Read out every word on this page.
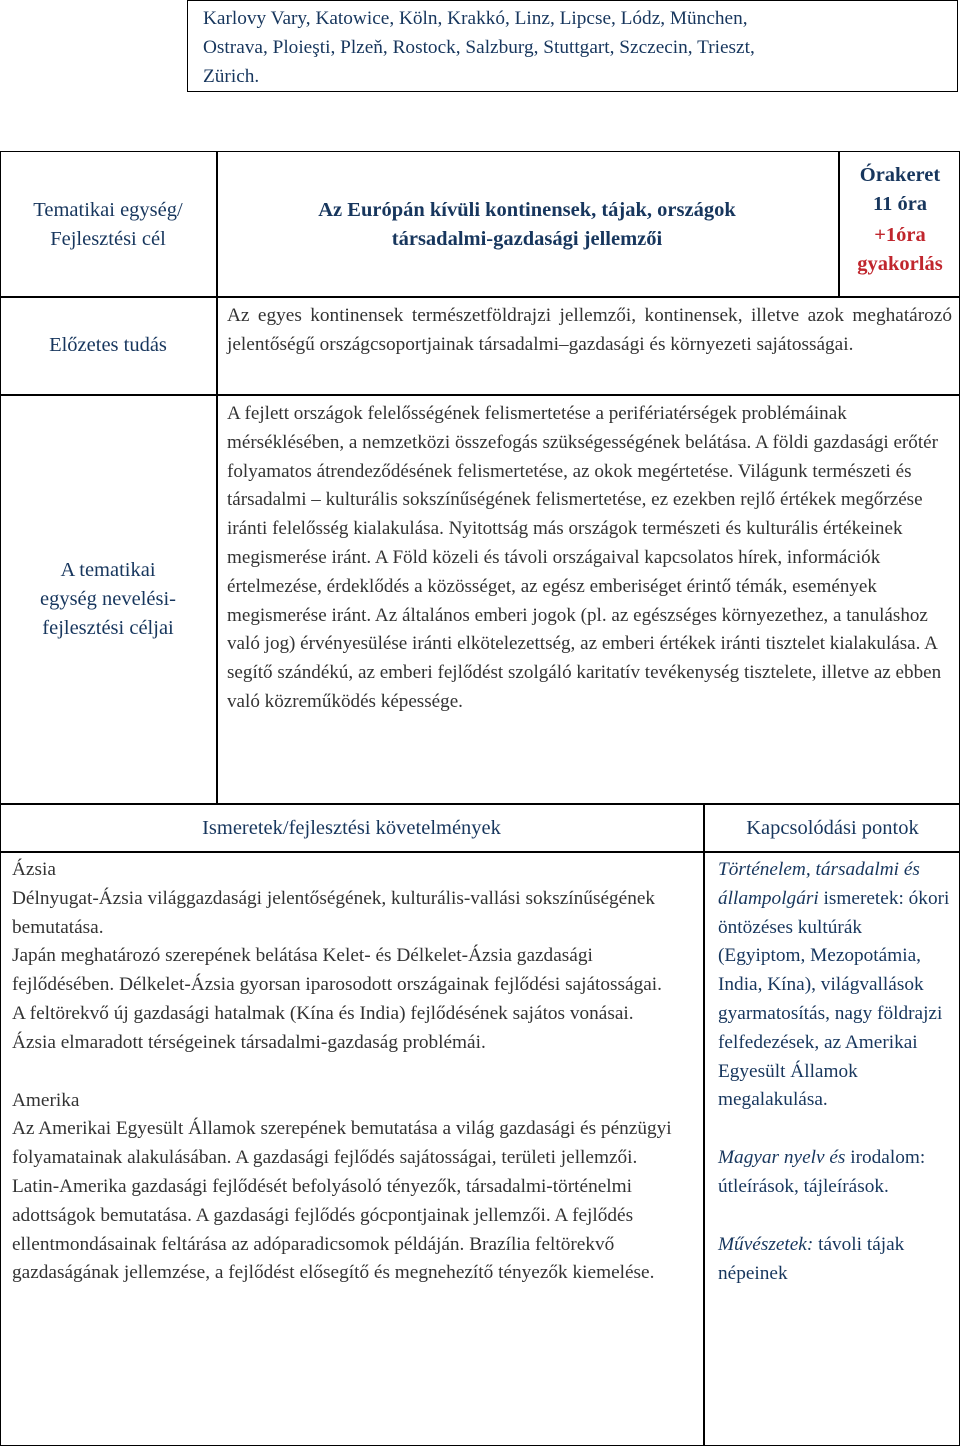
Karlovy Vary, Katowice, Köln, Krakkó, Linz, Lipcse, Lódz, München,
Ostrava, Ploieşti, Plzeň, Rostock, Salzburg, Stuttgart, Szczecin, Trieszt,
Zürich.
Tematikai egység/
Fejlesztési cél
Az Európán kívüli kontinensek, tájak, országok
társadalmi-gazdasági jellemzői
Órakeret
11 óra
+1óra
gyakorlás
Előzetes tudás
Az egyes kontinensek természetföldrajzi jellemzői, kontinensek, illetve azok meghatározó jelentőségű országcsoportjainak társadalmi–gazdasági és környezeti sajátosságai.
A tematikai
egység nevelési-
fejlesztési céljai
A fejlett országok felelősségének felismertetése a perifériatérségek problémáinak mérséklésében, a nemzetközi összefogás szükségességének belátása. A földi gazdasági erőtér folyamatos átrendeződésének felismertetése, az okok megértetése. Világunk természeti és társadalmi – kulturális sokszínűségének felismertetése, ez ezekben rejlő értékek megőrzése iránti felelősség kialakulása. Nyitottság más országok természeti és kulturális értékeinek megismerése iránt. A Föld közeli és távoli országaival kapcsolatos hírek, információk értelmezése, érdeklődés a közösséget, az egész emberiséget érintő témák, események megismerése iránt. Az általános emberi jogok (pl. az egészséges környezethez, a tanuláshoz való jog) érvényesülése iránti elkötelezettség, az emberi értékek iránti tisztelet kialakulása. A segítő szándékú, az emberi fejlődést szolgáló karitatív tevékenység tisztelete, illetve az ebben való közreműködés képessége.
Ismeretek/fejlesztési követelmények	Kapcsolódási pontok
Ázsia

Délnyugat-Ázsia világgazdasági jelentőségének, kulturális-vallási sokszínűségének bemutatása.

Japán meghatározó szerepének belátása Kelet- és Délkelet-Ázsia gazdasági fejlődésében. Délkelet-Ázsia gyorsan iparosodott országainak fejlődési sajátosságai.

A feltörekvő új gazdasági hatalmak (Kína és India) fejlődésének sajátos vonásai.

Ázsia elmaradott térségeinek társadalmi-gazdaság problémái.

Amerika

Az Amerikai Egyesült Államok szerepének bemutatása a világ gazdasági és pénzügyi folyamatainak alakulásában. A gazdasági fejlődés sajátosságai, területi jellemzői.

Latin-Amerika gazdasági fejlődését befolyásoló tényezők, társadalmi-történelmi adottságok bemutatása. A gazdasági fejlődés gócpontjainak jellemzői. A fejlődés ellentmondásainak feltárása az adóparadicsomok példáján. Brazília feltörekvő gazdaságának jellemzése, a fejlődést elősegítő és megnehezítő tényezők kiemelése.

Történelem, társadalmi és állampolgári ismeretek: ókori öntözéses kultúrák (Egyiptom, Mezopotámia, India, Kína), világvallások gyarmatosítás, nagy földrajzi felfedezések, az Amerikai Egyesült Államok megalakulása.

Magyar nyelv és irodalom: útleírások, tájleírások.

Művészetek: távoli tájak népeinek
